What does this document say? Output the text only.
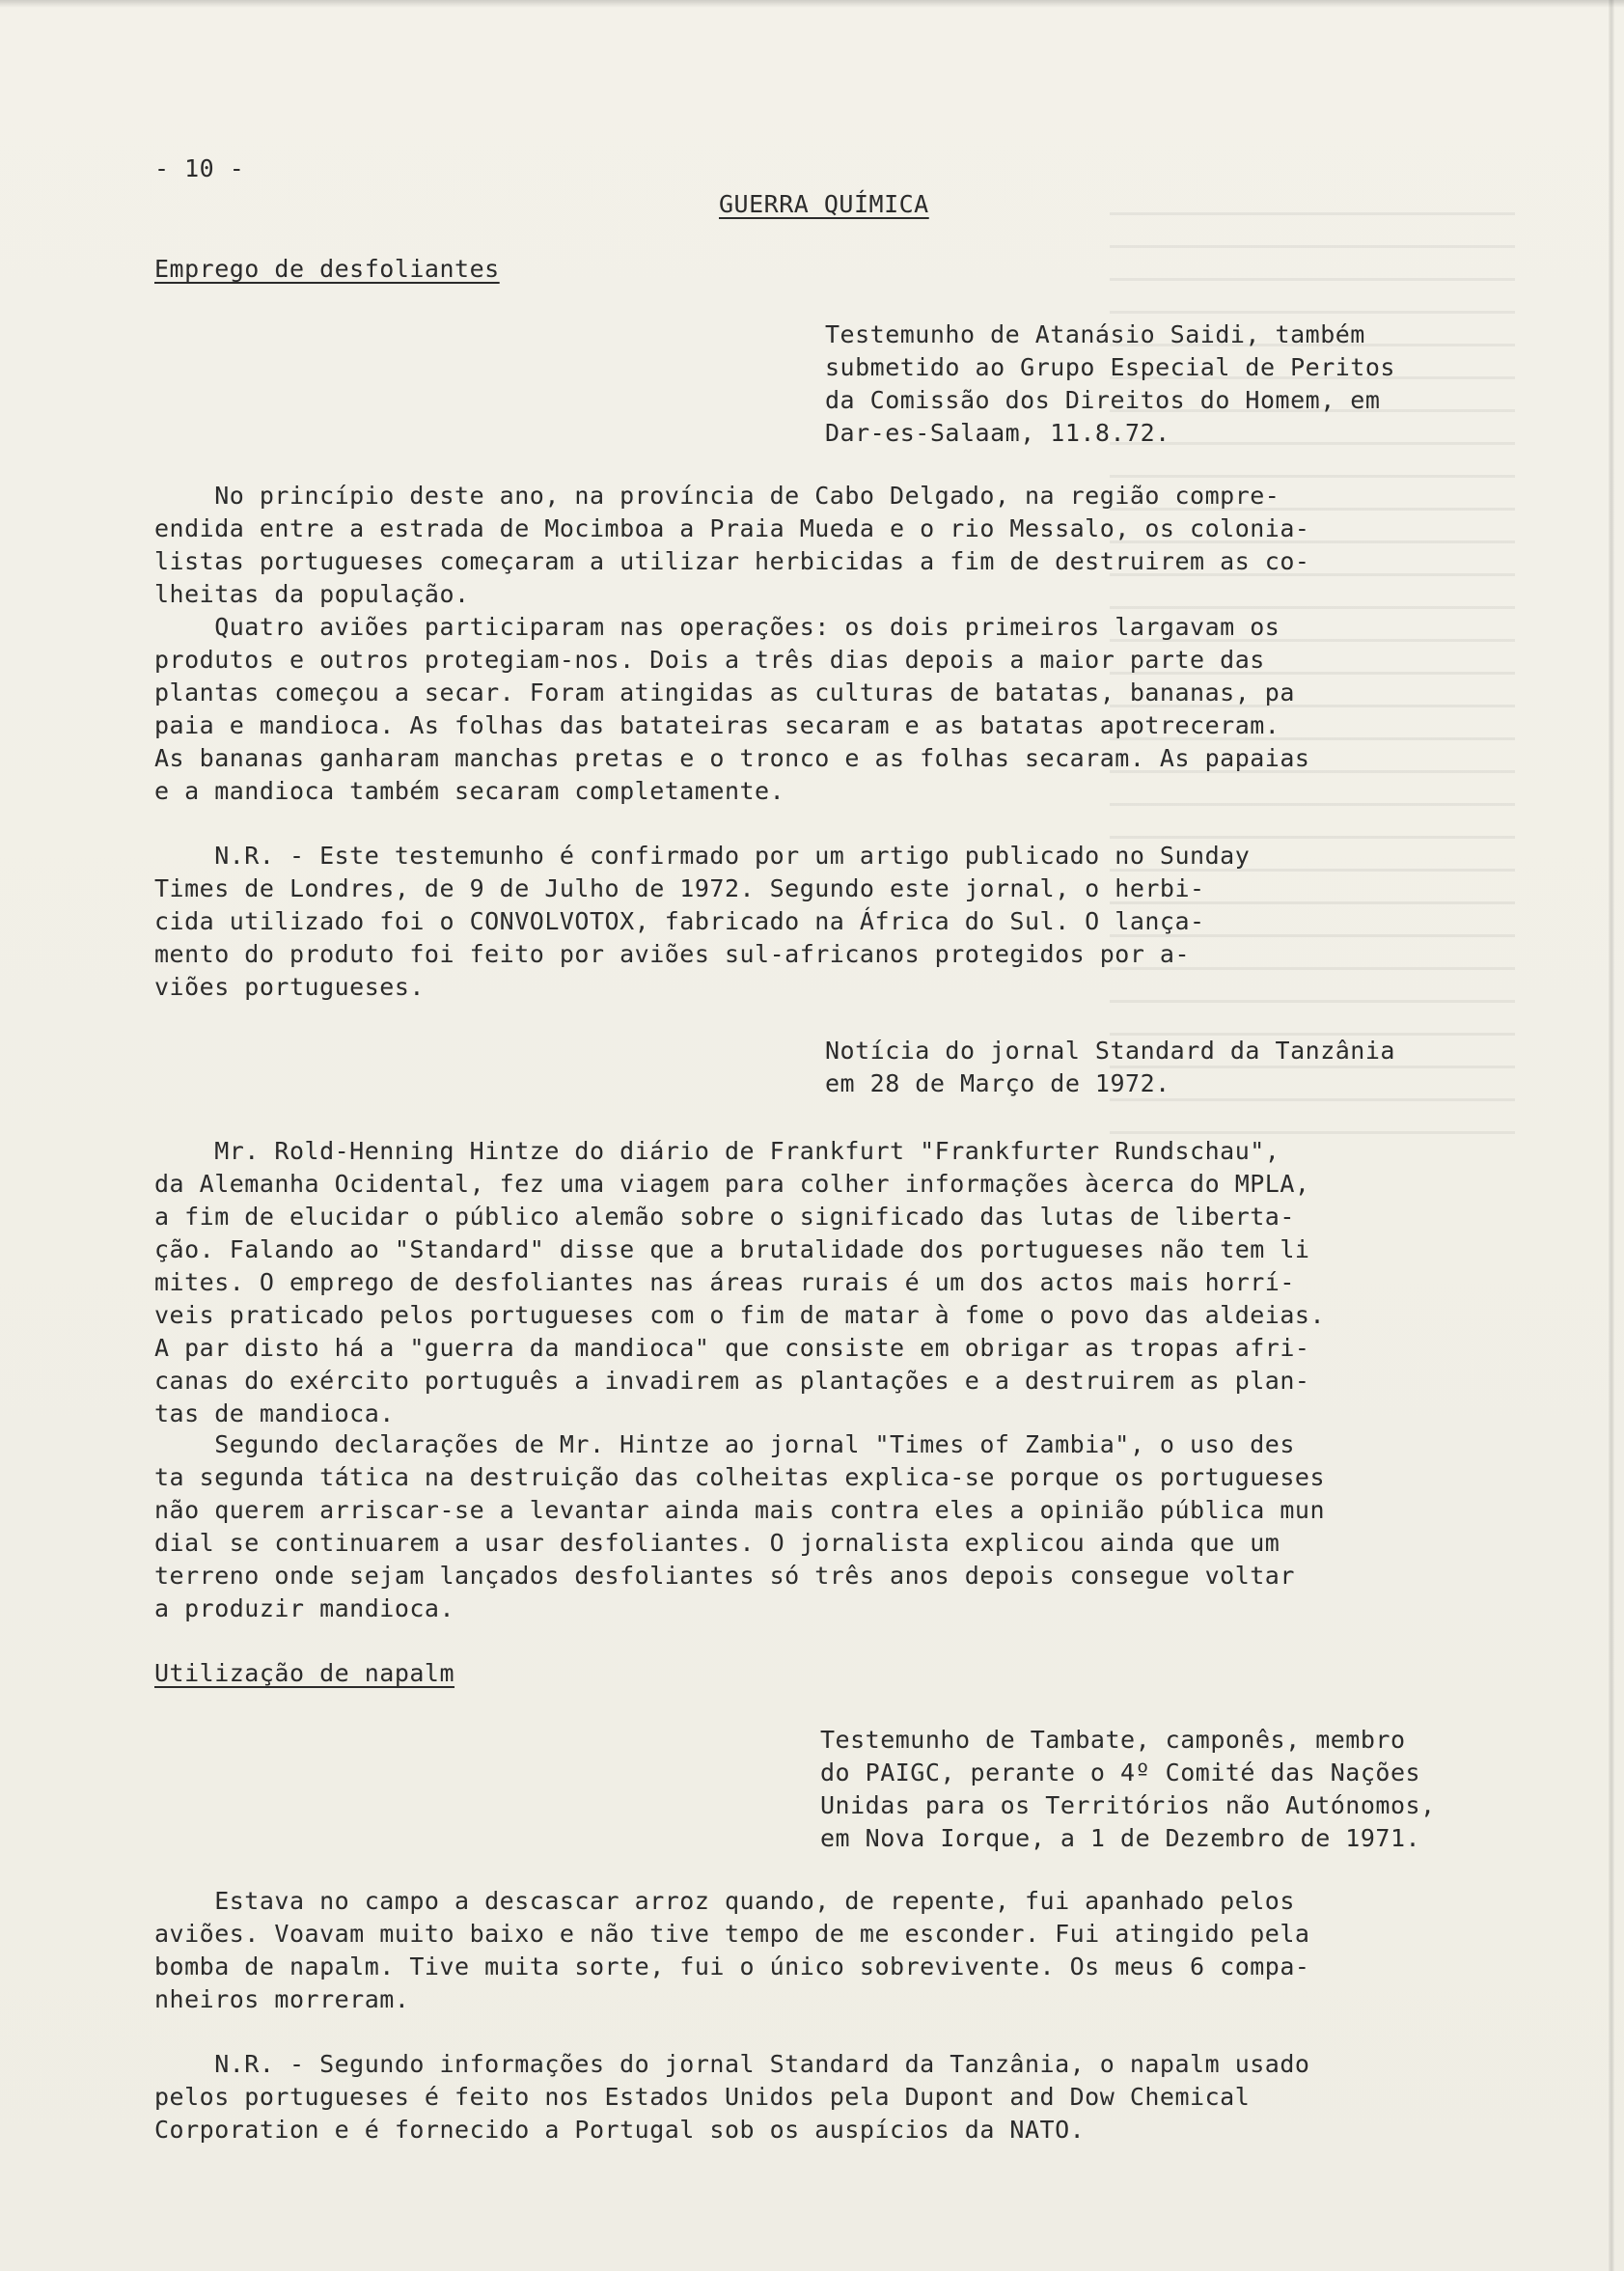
- 10 -

GUERRA QUÍMICA

Emprego de desfoliantes

Testemunho de Atanásio Saidi, também
submetido ao Grupo Especial de Peritos
da Comissão dos Direitos do Homem, em
Dar-es-Salaam, 11.8.72.
No princípio deste ano, na província de Cabo Delgado, na região compre-
endida entre a estrada de Mocimboa a Praia Mueda e o rio Messalo, os colonia-
listas portugueses começaram a utilizar herbicidas a fim de destruirem as co-
lheitas da população.
Quatro aviões participaram nas operações: os dois primeiros largavam os
produtos e outros protegiam-nos. Dois a três dias depois a maior parte das
plantas começou a secar. Foram atingidas as culturas de batatas, bananas, pa
paia e mandioca. As folhas das batateiras secaram e as batatas apotreceram.
As bananas ganharam manchas pretas e o tronco e as folhas secaram. As papaias
e a mandioca também secaram completamente.
N.R. - Este testemunho é confirmado por um artigo publicado no Sunday
Times de Londres, de 9 de Julho de 1972. Segundo este jornal, o herbi-
cida utilizado foi o CONVOLVOTOX, fabricado na África do Sul. O lança-
mento do produto foi feito por aviões sul-africanos protegidos por a-
viões portugueses.
Notícia do jornal Standard da Tanzânia
em 28 de Março de 1972.
Mr. Rold-Henning Hintze do diário de Frankfurt "Frankfurter Rundschau",
da Alemanha Ocidental, fez uma viagem para colher informações àcerca do MPLA,
a fim de elucidar o público alemão sobre o significado das lutas de liberta-
ção. Falando ao "Standard" disse que a brutalidade dos portugueses não tem li
mites. O emprego de desfoliantes nas áreas rurais é um dos actos mais horrí-
veis praticado pelos portugueses com o fim de matar à fome o povo das aldeias.
A par disto há a "guerra da mandioca" que consiste em obrigar as tropas afri-
canas do exército português a invadirem as plantações e a destruirem as plan-
tas de mandioca.
Segundo declarações de Mr. Hintze ao jornal "Times of Zambia", o uso des
ta segunda tática na destruição das colheitas explica-se porque os portugueses
não querem arriscar-se a levantar ainda mais contra eles a opinião pública mun
dial se continuarem a usar desfoliantes. O jornalista explicou ainda que um
terreno onde sejam lançados desfoliantes só três anos depois consegue voltar
a produzir mandioca.

Utilização de napalm

Testemunho de Tambate, camponês, membro
do PAIGC, perante o 4º Comité das Nações
Unidas para os Territórios não Autónomos,
em Nova Iorque, a 1 de Dezembro de 1971.
Estava no campo a descascar arroz quando, de repente, fui apanhado pelos
aviões. Voavam muito baixo e não tive tempo de me esconder. Fui atingido pela
bomba de napalm. Tive muita sorte, fui o único sobrevivente. Os meus 6 compa-
nheiros morreram.
N.R. - Segundo informações do jornal Standard da Tanzânia, o napalm usado
pelos portugueses é feito nos Estados Unidos pela Dupont and Dow Chemical
Corporation e é fornecido a Portugal sob os auspícios da NATO.
